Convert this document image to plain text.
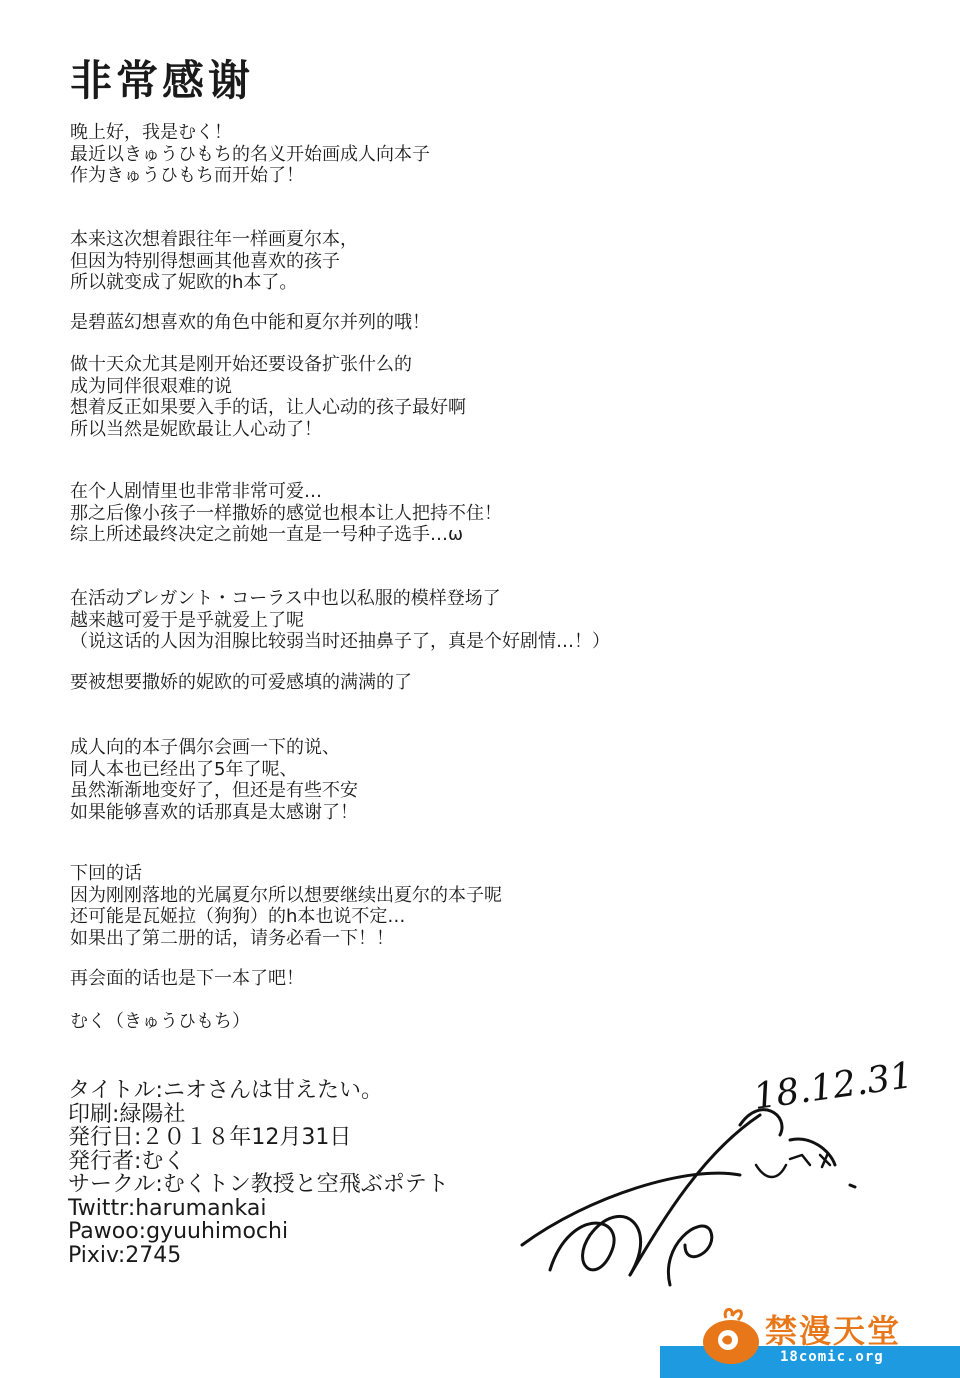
非常感谢
晚上好，我是むく！
最近以きゅうひもち的名义开始画成人向本子
作为きゅうひもち而开始了！
本来这次想着跟往年一样画夏尔本，
但因为特别得想画其他喜欢的孩子
所以就变成了妮欧的h本了。
是碧蓝幻想喜欢的角色中能和夏尔并列的哦！
做十天众尤其是刚开始还要设备扩张什么的
成为同伴很艰难的说
想着反正如果要入手的话，让人心动的孩子最好啊
所以当然是妮欧最让人心动了！
在个人剧情里也非常非常可爱…
那之后像小孩子一样撒娇的感觉也根本让人把持不住！
综上所述最终决定之前她一直是一号种子选手…ω
在活动ブレガント・コーラス中也以私服的模样登场了
越来越可爱于是乎就爱上了呢
（说这话的人因为泪腺比较弱当时还抽鼻子了，真是个好剧情…！）
要被想要撒娇的妮欧的可爱感填的满满的了
成人向的本子偶尔会画一下的说、
同人本也已经出了5年了呢、
虽然渐渐地变好了，但还是有些不安
如果能够喜欢的话那真是太感谢了！
下回的话
因为刚刚落地的光属夏尔所以想要继续出夏尔的本子呢
还可能是瓦姬拉（狗狗）的h本也说不定…
如果出了第二册的话，请务必看一下！！
再会面的话也是下一本了吧！
むく（きゅうひもち）
タイトル:ニオさんは甘えたい。
印刷:緑陽社
発行日:２０１８年12月31日
発行者:むく
サークル:むくトン教授と空飛ぶポテト
Twittr:harumankai
Pawoo:gyuuhimochi
Pixiv:2745
18.12.31
禁漫天堂
18comic.org
